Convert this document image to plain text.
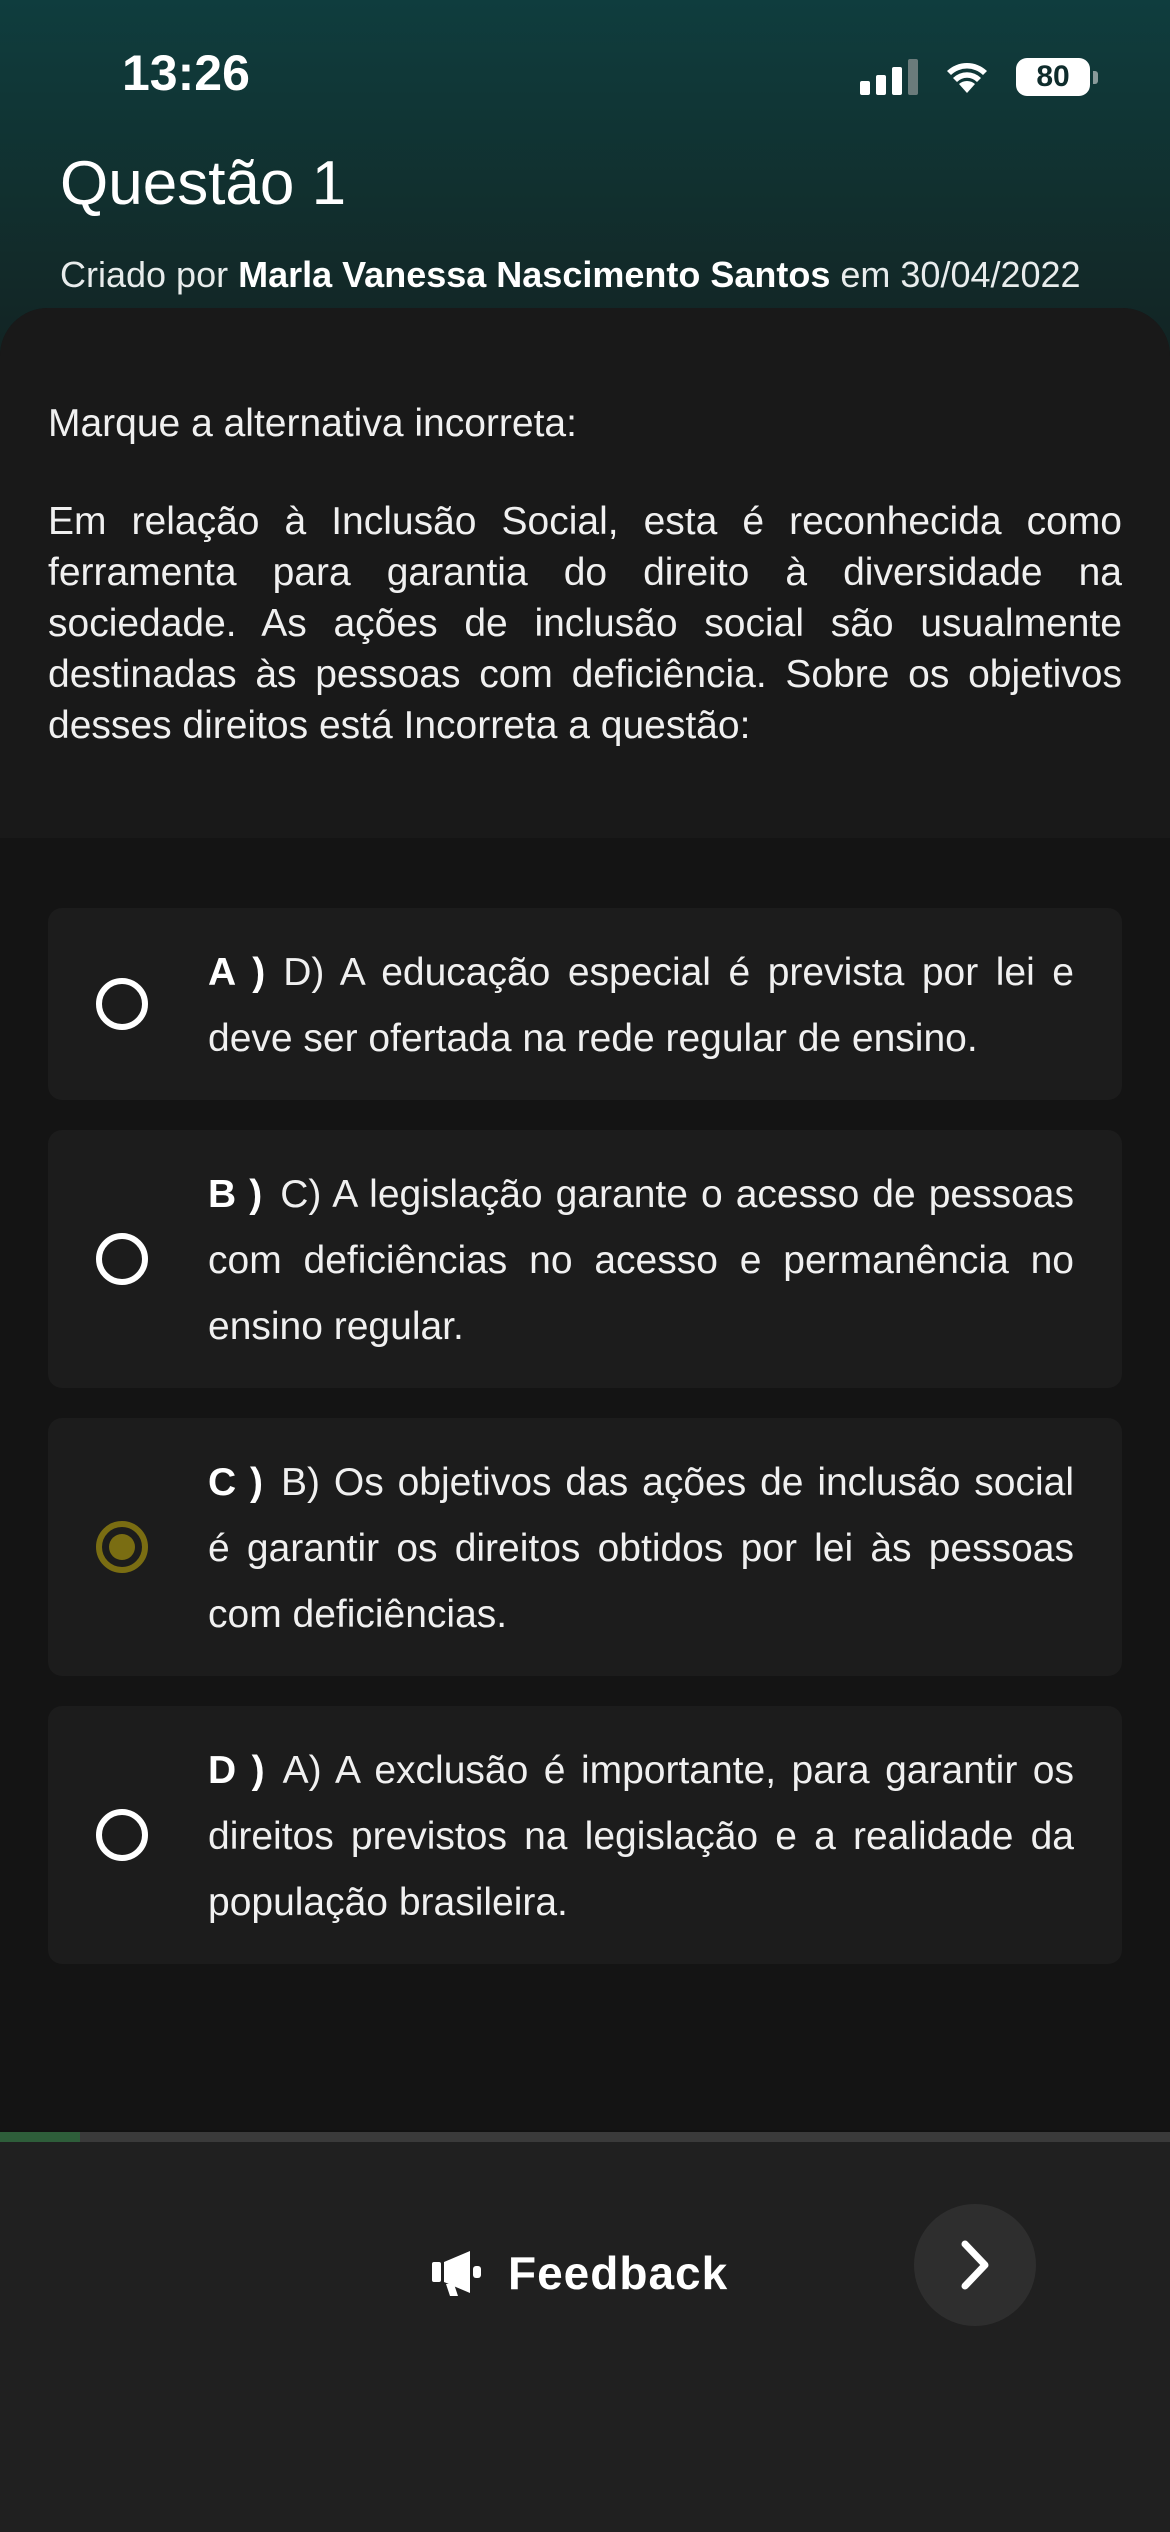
13:26	80
Questão 1
Criado por Marla Vanessa Nascimento Santos em 30/04/2022
Marque a alternativa incorreta:
Em relação à Inclusão Social, esta é reconhecida como ferramenta para garantia do direito à diversidade na sociedade. As ações de inclusão social são usualmente destinadas às pessoas com deficiência. Sobre os objetivos desses direitos está Incorreta a questão:
A ) D) A educação especial é prevista por lei e deve ser ofertada na rede regular de ensino.
B ) C) A legislação garante o acesso de pessoas com deficiências no acesso e permanência no ensino regular.
C ) B) Os objetivos das ações de inclusão social é garantir os direitos obtidos por lei às pessoas com deficiências.
D ) A) A exclusão é importante, para garantir os direitos previstos na legislação e a realidade da população brasileira.
Feedback
